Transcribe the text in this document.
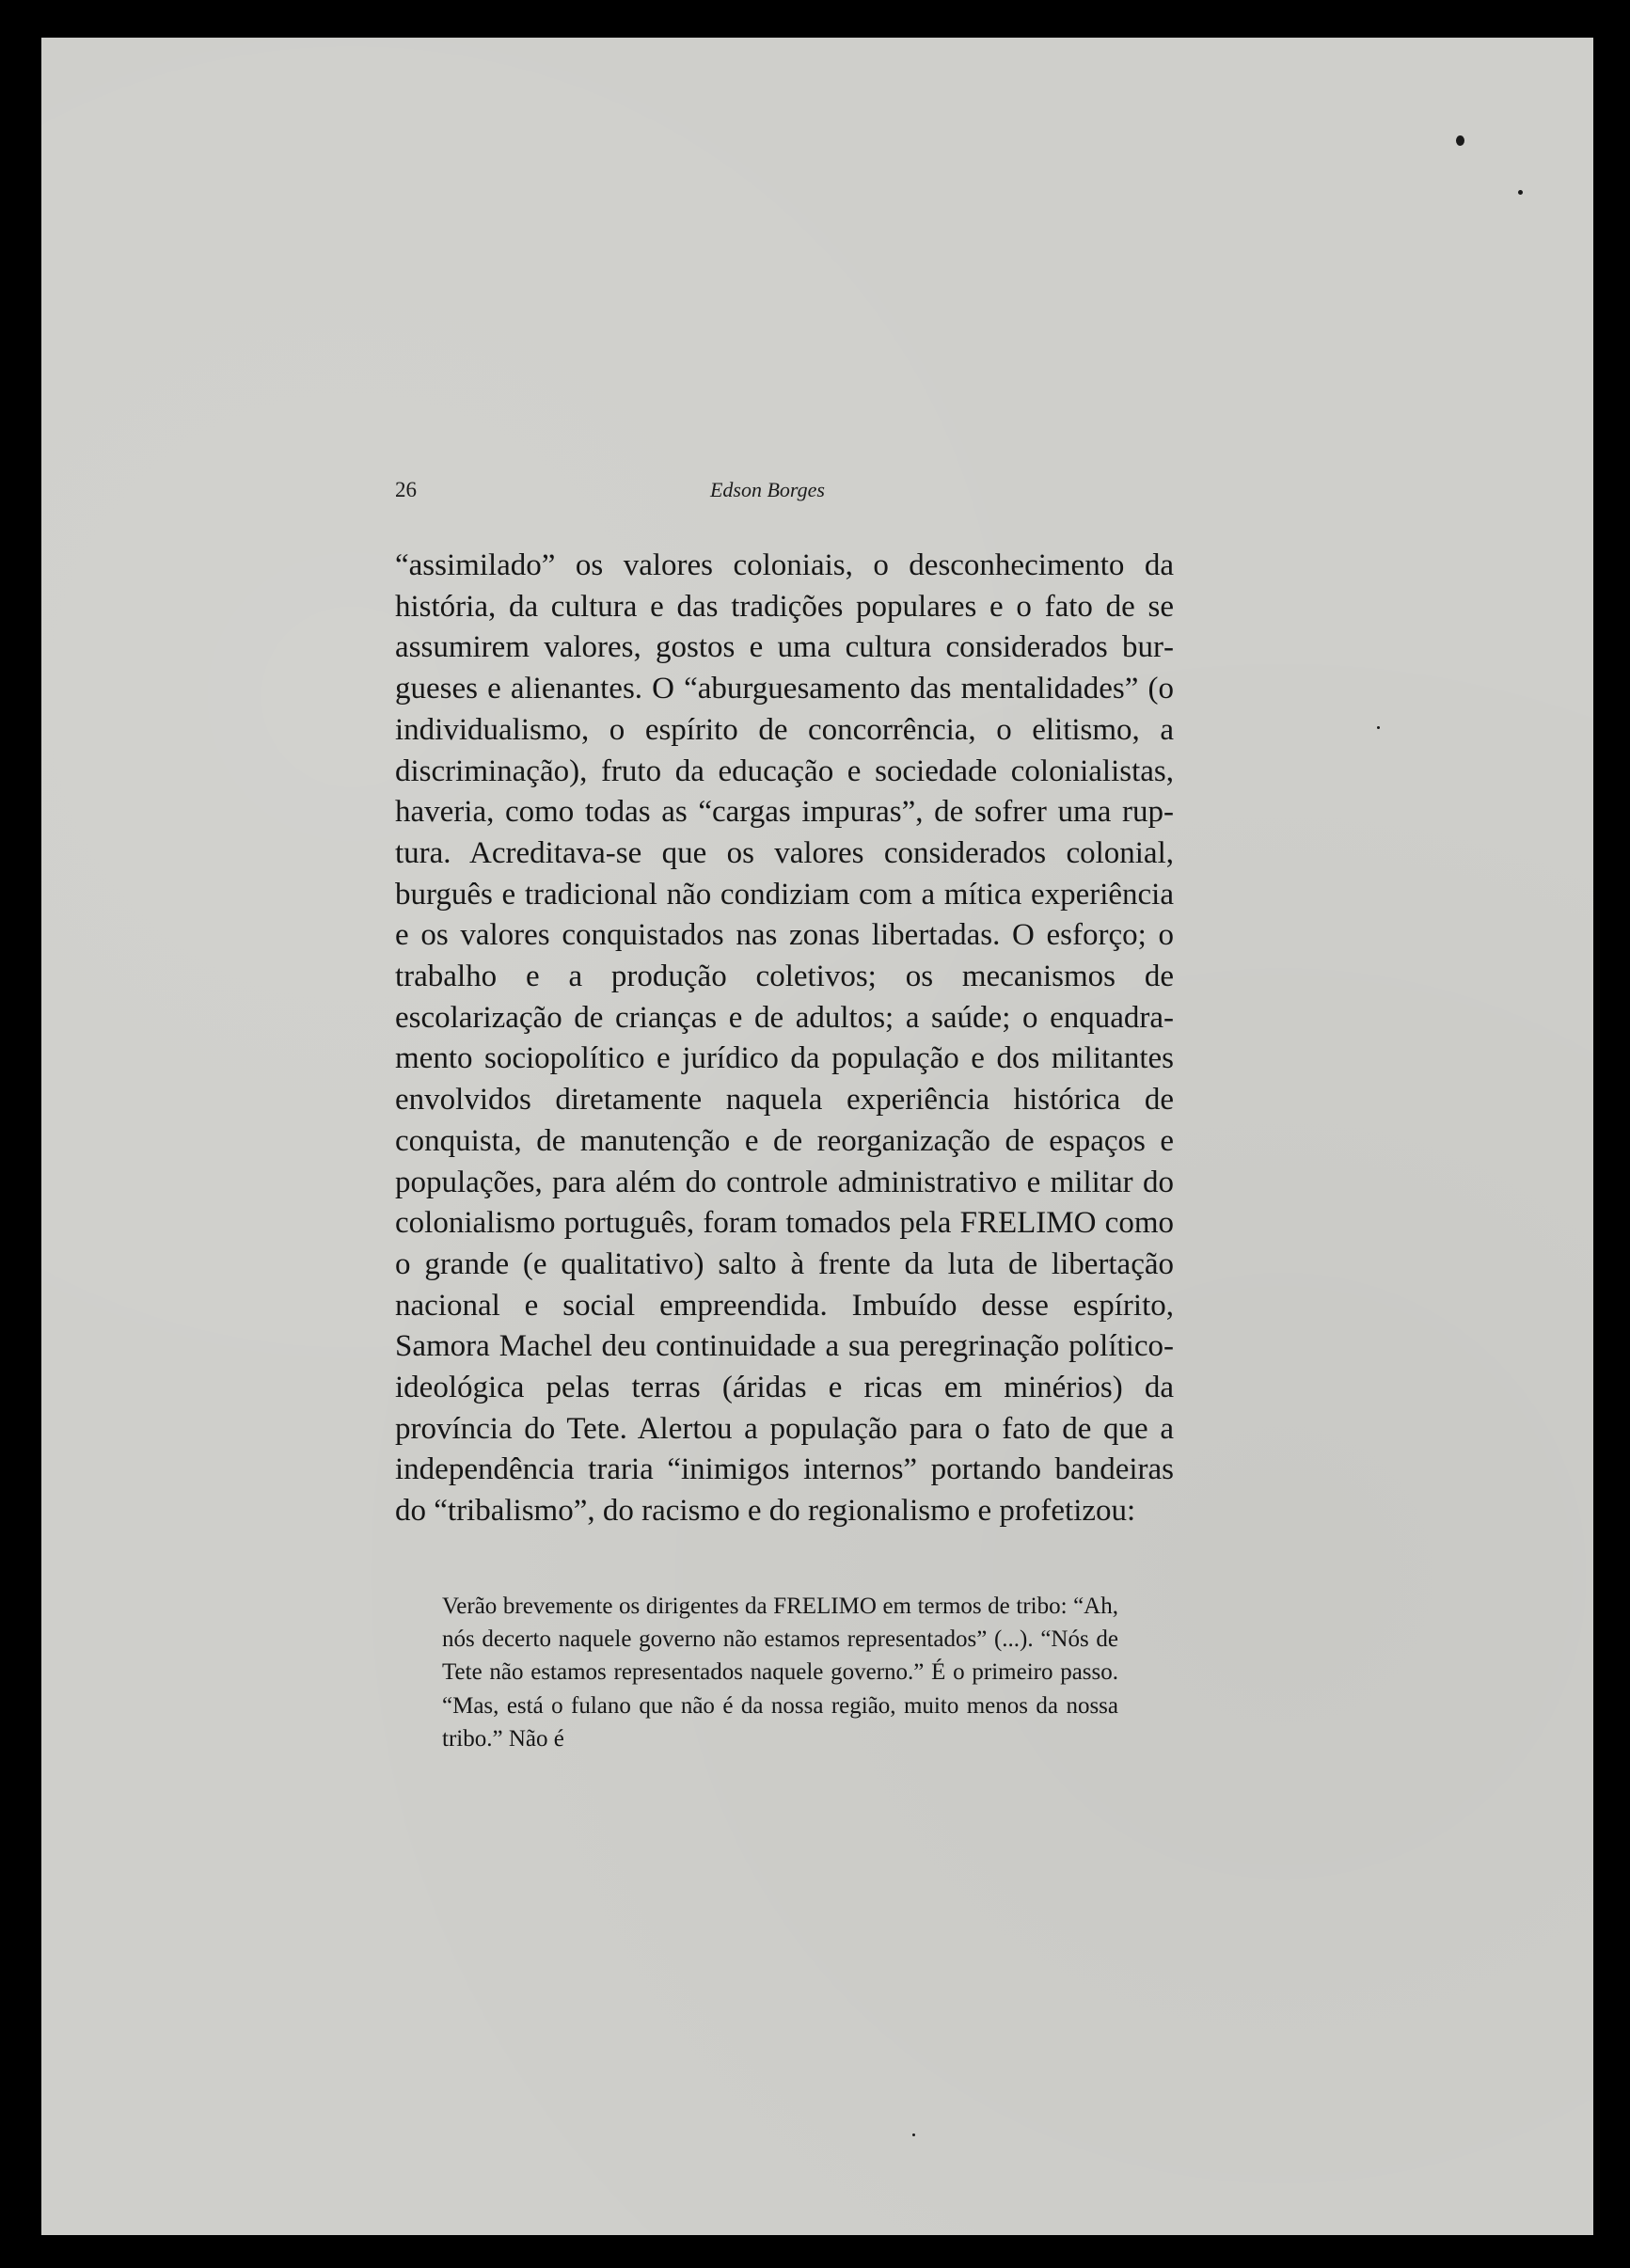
26	Edson Borges

“assimilado” os valores coloniais, o desconhecimento da história, da cultura e das tradições populares e o fato de se assumirem valores, gostos e uma cultura considerados burgueses e alienantes. O “aburguesamento das mentalidades” (o individualismo, o espírito de concorrência, o elitismo, a discriminação), fruto da educação e sociedade colonialistas, haveria, como todas as “cargas impuras”, de sofrer uma ruptura. Acreditava-se que os valores considerados colonial, burguês e tradicional não condiziam com a mítica experiência e os valores conquistados nas zonas libertadas. O esforço; o trabalho e a produção coletivos; os mecanismos de escolarização de crianças e de adultos; a saúde; o enquadramento sociopolítico e jurídico da população e dos militantes envolvidos diretamente naquela experiência histórica de conquista, de manutenção e de reorganização de espaços e populações, para além do controle administrativo e militar do colonialismo português, foram tomados pela FRELIMO como o grande (e qualitativo) salto à frente da luta de libertação nacional e social empreendida. Imbuído desse espírito, Samora Machel deu continuidade a sua peregrinação político-ideológica pelas terras (áridas e ricas em minérios) da província do Tete. Alertou a população para o fato de que a independência traria “inimigos internos” portando bandeiras do “tribalismo”, do racismo e do regionalismo e profetizou:

Verão brevemente os dirigentes da FRELIMO em termos de tribo: “Ah, nós decerto naquele governo não estamos representados” (...). “Nós de Tete não estamos representados naquele governo.” É o primeiro passo. “Mas, está o fulano que não é da nossa região, muito menos da nossa tribo.” Não é
